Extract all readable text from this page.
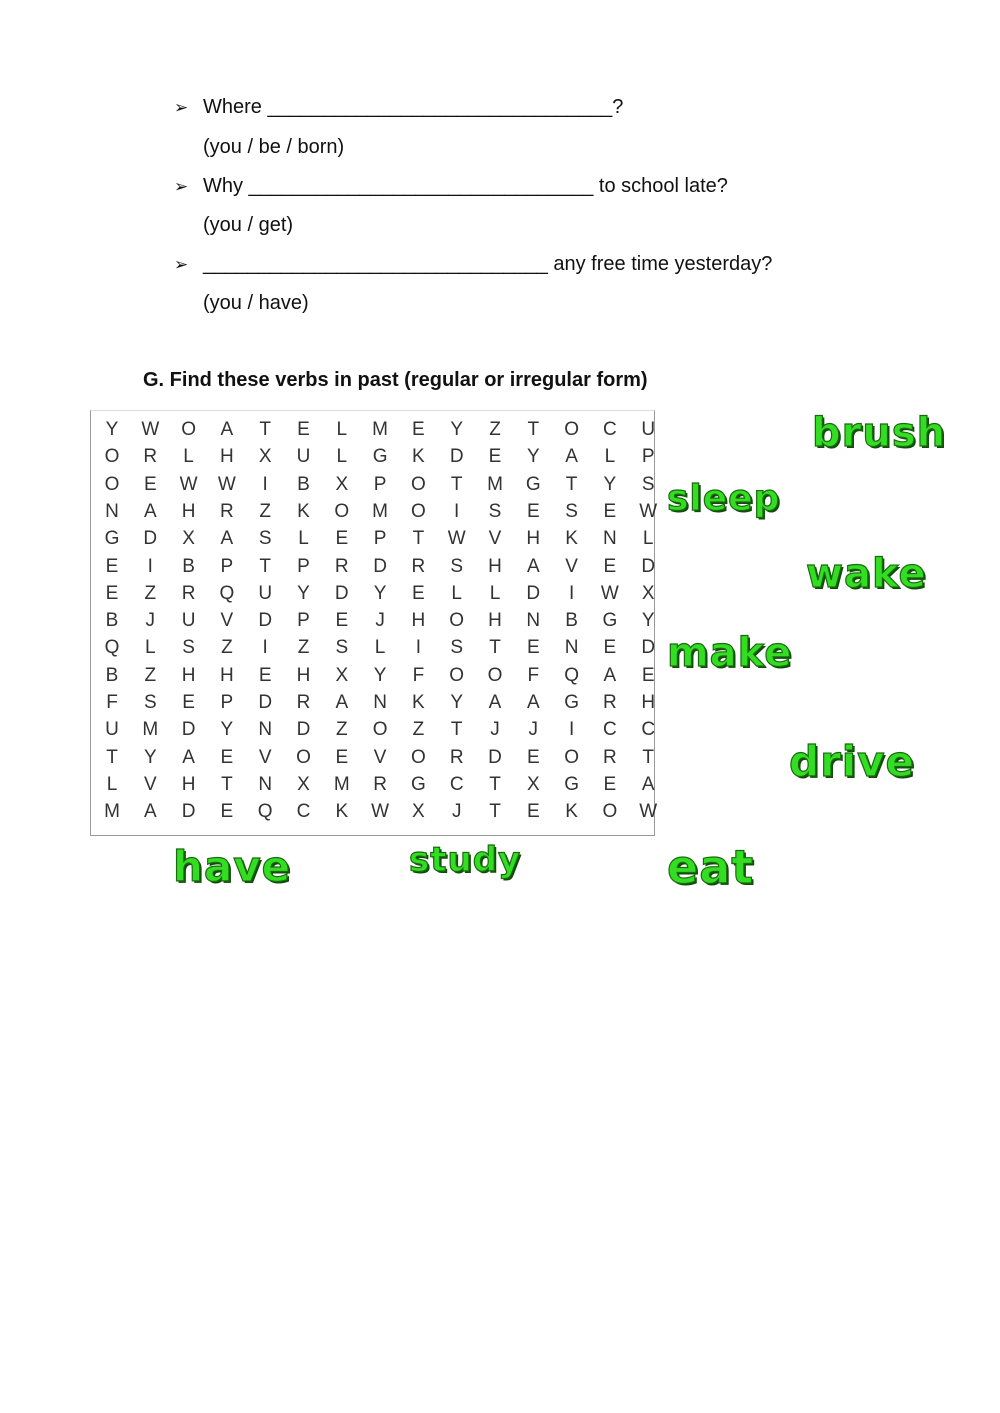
➢ Where _______________________________?
(you / be / born)
➢ Why _______________________________ to school late?
(you / get)
➢ _______________________________ any free time yesterday?
(you / have)
G. Find these verbs in past (regular or irregular form)
Y	W	O	A	T	E	L	M	E	Y	Z	T	O	C	U
O	R	L	H	X	U	L	G	K	D	E	Y	A	L	P
O	E	W	W	I	B	X	P	O	T	M	G	T	Y	S
N	A	H	R	Z	K	O	M	O	I	S	E	S	E	W
G	D	X	A	S	L	E	P	T	W	V	H	K	N	L
E	I	B	P	T	P	R	D	R	S	H	A	V	E	D
E	Z	R	Q	U	Y	D	Y	E	L	L	D	I	W	X
B	J	U	V	D	P	E	J	H	O	H	N	B	G	Y
Q	L	S	Z	I	Z	S	L	I	S	T	E	N	E	D
B	Z	H	H	E	H	X	Y	F	O	O	F	Q	A	E
F	S	E	P	D	R	A	N	K	Y	A	A	G	R	H
U	M	D	Y	N	D	Z	O	Z	T	J	J	I	C	C
T	Y	A	E	V	O	E	V	O	R	D	E	O	R	T
L	V	H	T	N	X	M	R	G	C	T	X	G	E	A
M	A	D	E	Q	C	K	W	X	J	T	E	K	O	W
brush
sleep
wake
make
drive
have	study	eat
